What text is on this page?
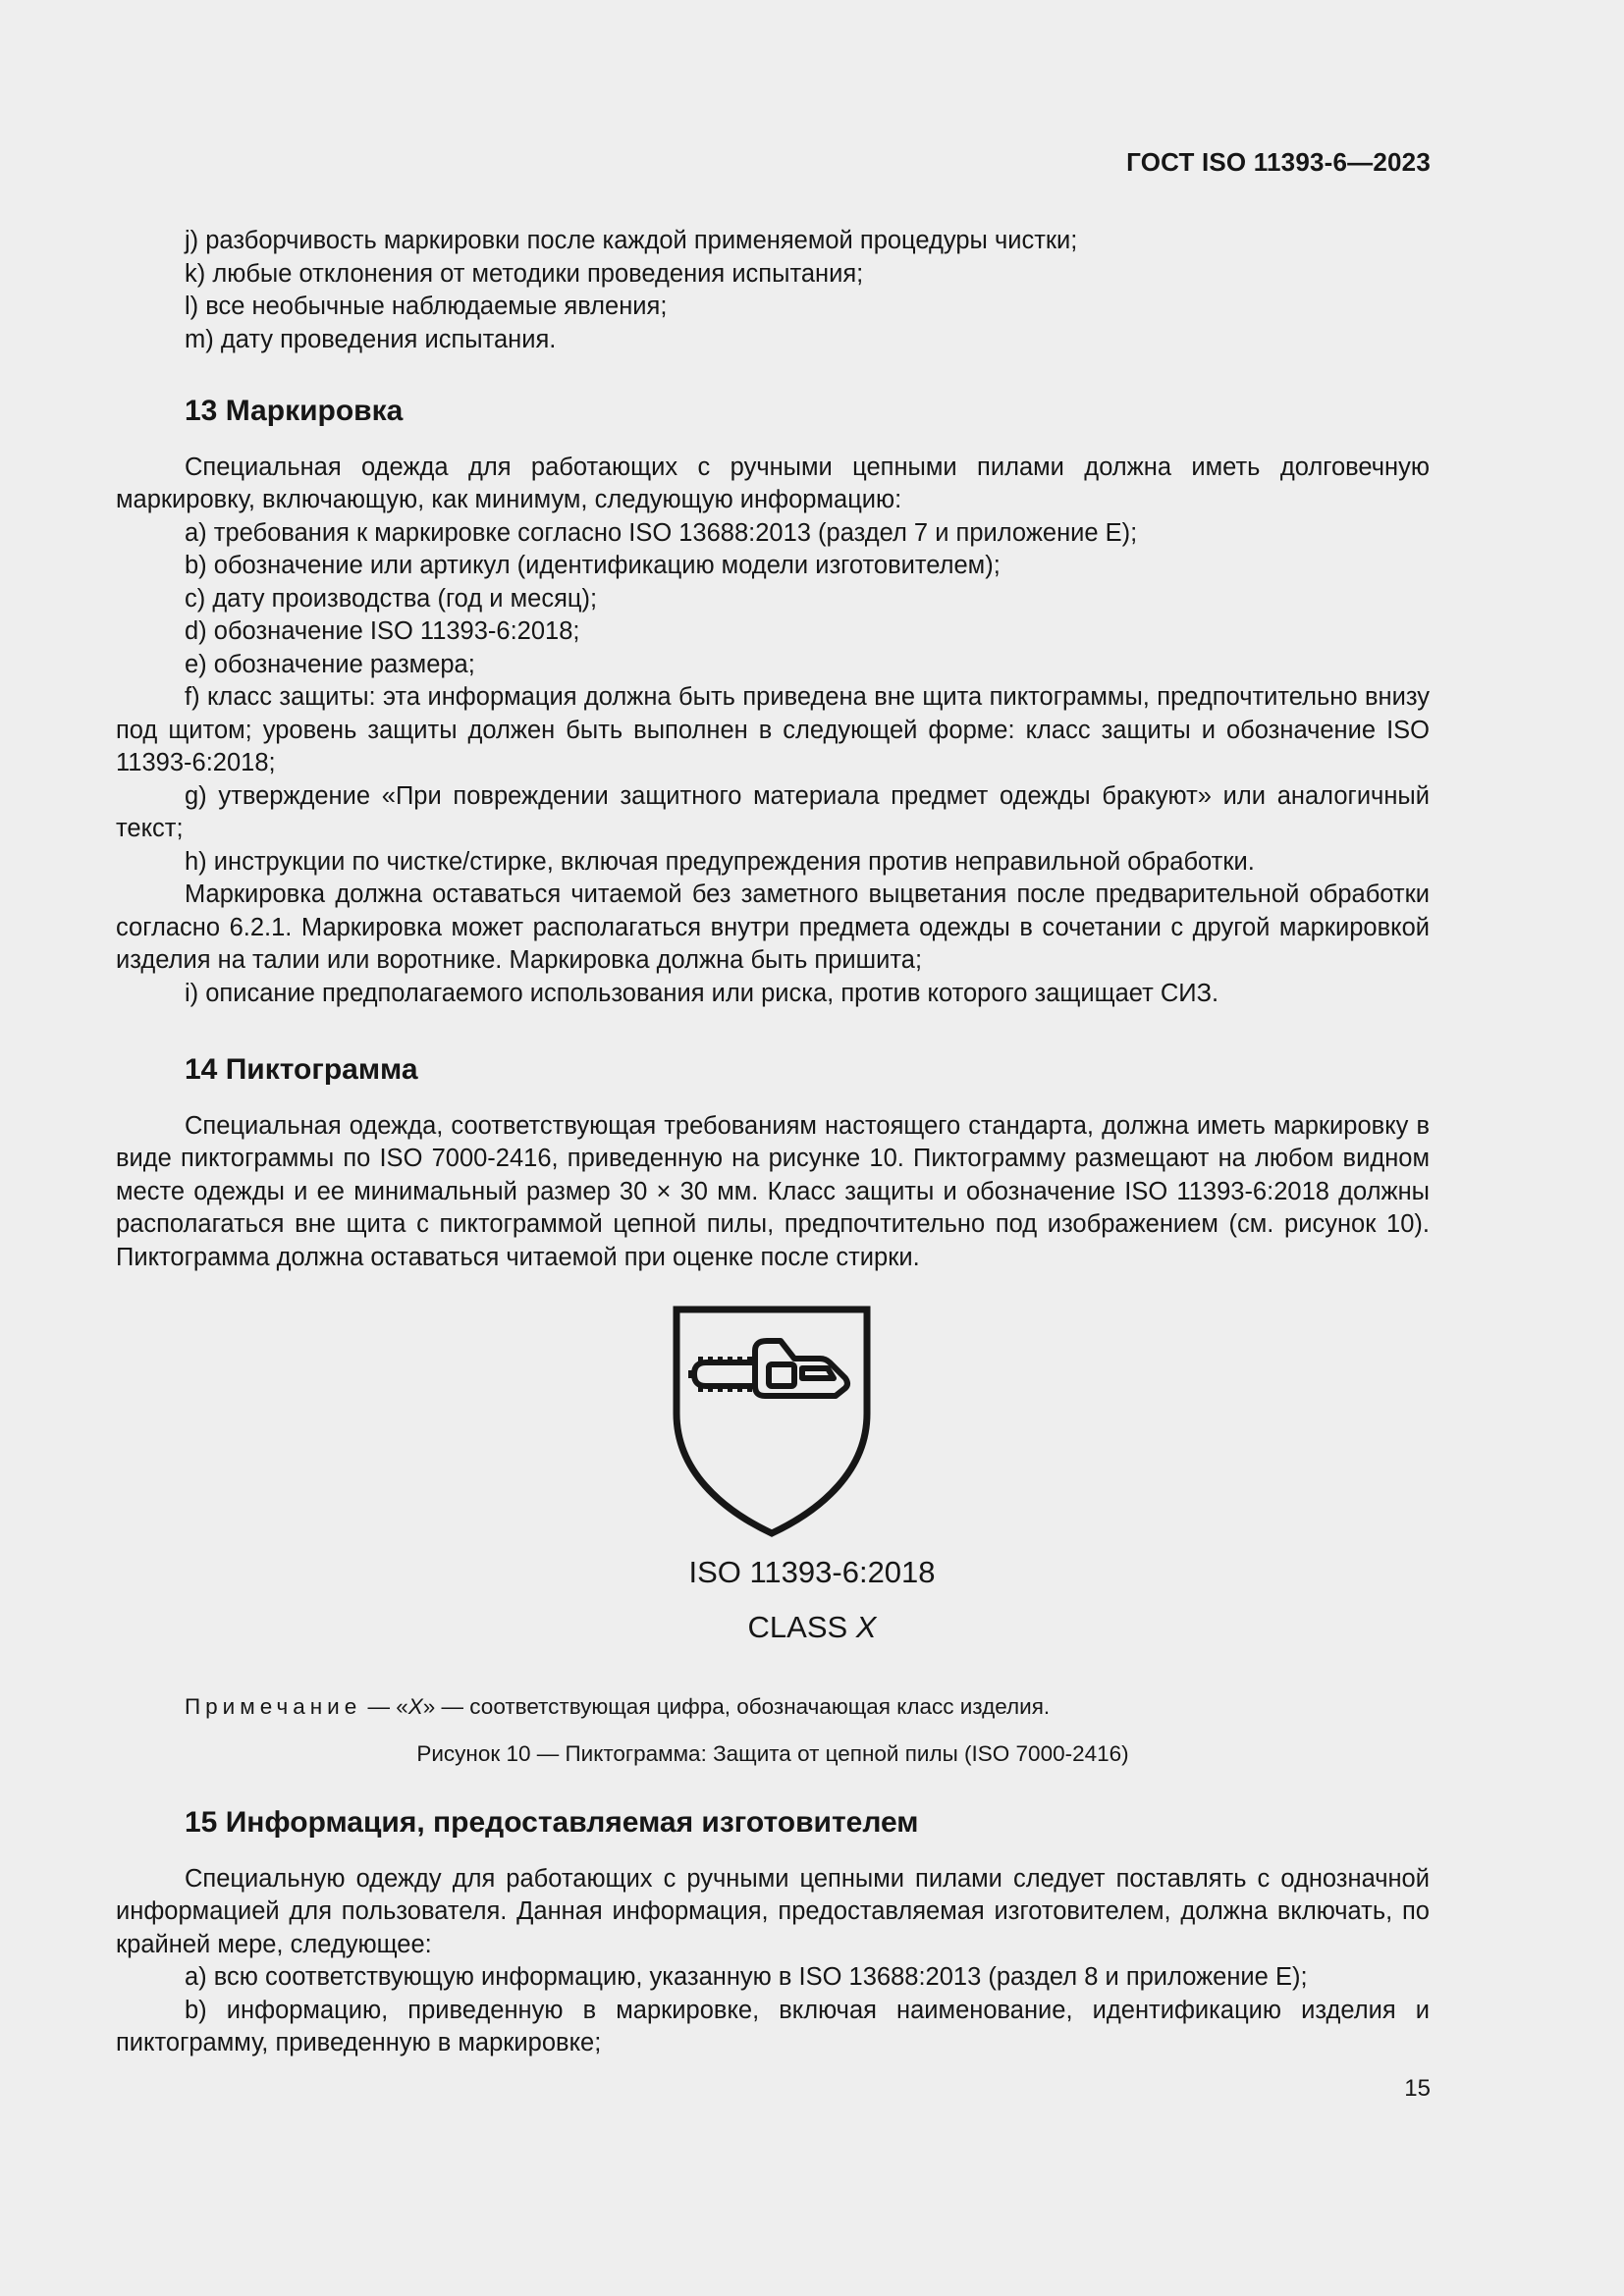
ГОСТ ISO 11393-6—2023
j) разборчивость маркировки после каждой применяемой процедуры чистки;
k) любые отклонения от методики проведения испытания;
l) все необычные наблюдаемые явления;
m) дату проведения испытания.
13 Маркировка
Специальная одежда для работающих с ручными цепными пилами должна иметь долговечную маркировку, включающую, как минимум, следующую информацию:
a) требования к маркировке согласно ISO 13688:2013 (раздел 7 и приложение E);
b) обозначение или артикул (идентификацию модели изготовителем);
c) дату производства (год и месяц);
d) обозначение ISO 11393-6:2018;
e) обозначение размера;
f) класс защиты: эта информация должна быть приведена вне щита пиктограммы, предпочтительно внизу под щитом; уровень защиты должен быть выполнен в следующей форме: класс защиты и обозначение ISO 11393-6:2018;
g) утверждение «При повреждении защитного материала предмет одежды бракуют» или аналогичный текст;
h) инструкции по чистке/стирке, включая предупреждения против неправильной обработки.
Маркировка должна оставаться читаемой без заметного выцветания после предварительной обработки согласно 6.2.1. Маркировка может располагаться внутри предмета одежды в сочетании с другой маркировкой изделия на талии или воротнике. Маркировка должна быть пришита;
i) описание предполагаемого использования или риска, против которого защищает СИЗ.
14 Пиктограмма
Специальная одежда, соответствующая требованиям настоящего стандарта, должна иметь маркировку в виде пиктограммы по ISO 7000-2416, приведенную на рисунке 10. Пиктограмму размещают на любом видном месте одежды и ее минимальный размер 30 × 30 мм. Класс защиты и обозначение ISO 11393-6:2018 должны располагаться вне щита с пиктограммой цепной пилы, предпочтительно под изображением (см. рисунок 10). Пиктограмма должна оставаться читаемой при оценке после стирки.
ISO 11393-6:2018
CLASS X
Примечание — «X» — соответствующая цифра, обозначающая класс изделия.
Рисунок 10 — Пиктограмма: Защита от цепной пилы (ISO 7000-2416)
15 Информация, предоставляемая изготовителем
Специальную одежду для работающих с ручными цепными пилами следует поставлять с однозначной информацией для пользователя. Данная информация, предоставляемая изготовителем, должна включать, по крайней мере, следующее:
a) всю соответствующую информацию, указанную в ISO 13688:2013 (раздел 8 и приложение E);
b) информацию, приведенную в маркировке, включая наименование, идентификацию изделия и пиктограмму, приведенную в маркировке;
15
